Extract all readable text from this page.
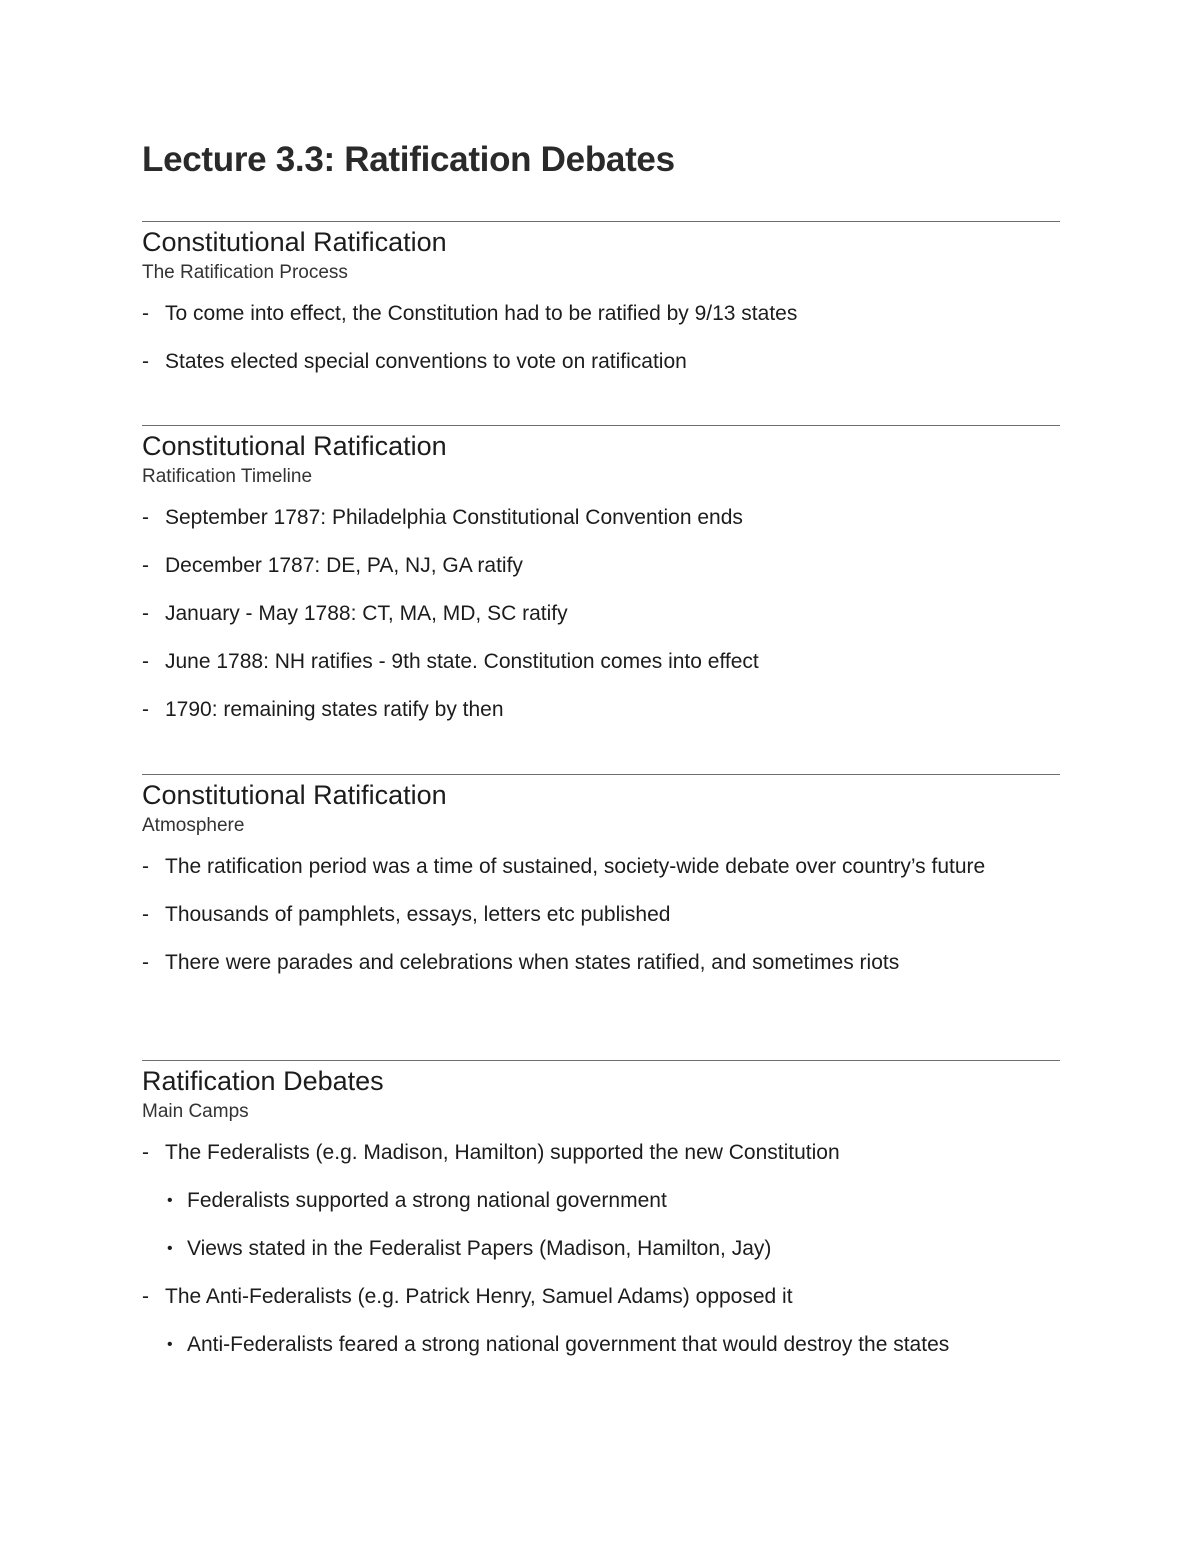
Lecture 3.3: Ratification Debates
Constitutional Ratification
The Ratification Process
- To come into effect, the Constitution had to be ratified by 9/13 states
- States elected special conventions to vote on ratification
Constitutional Ratification
Ratification Timeline
- September 1787: Philadelphia Constitutional Convention ends
- December 1787: DE, PA, NJ, GA ratify
- January - May 1788: CT, MA, MD, SC ratify
- June 1788: NH ratifies - 9th state. Constitution comes into effect
- 1790: remaining states ratify by then
Constitutional Ratification
Atmosphere
- The ratification period was a time of sustained, society-wide debate over country’s future
- Thousands of pamphlets, essays, letters etc published
- There were parades and celebrations when states ratified, and sometimes riots
Ratification Debates
Main Camps
- The Federalists (e.g. Madison, Hamilton) supported the new Constitution
• Federalists supported a strong national government
• Views stated in the Federalist Papers (Madison, Hamilton, Jay)
- The Anti-Federalists (e.g. Patrick Henry, Samuel Adams) opposed it
• Anti-Federalists feared a strong national government that would destroy the states
